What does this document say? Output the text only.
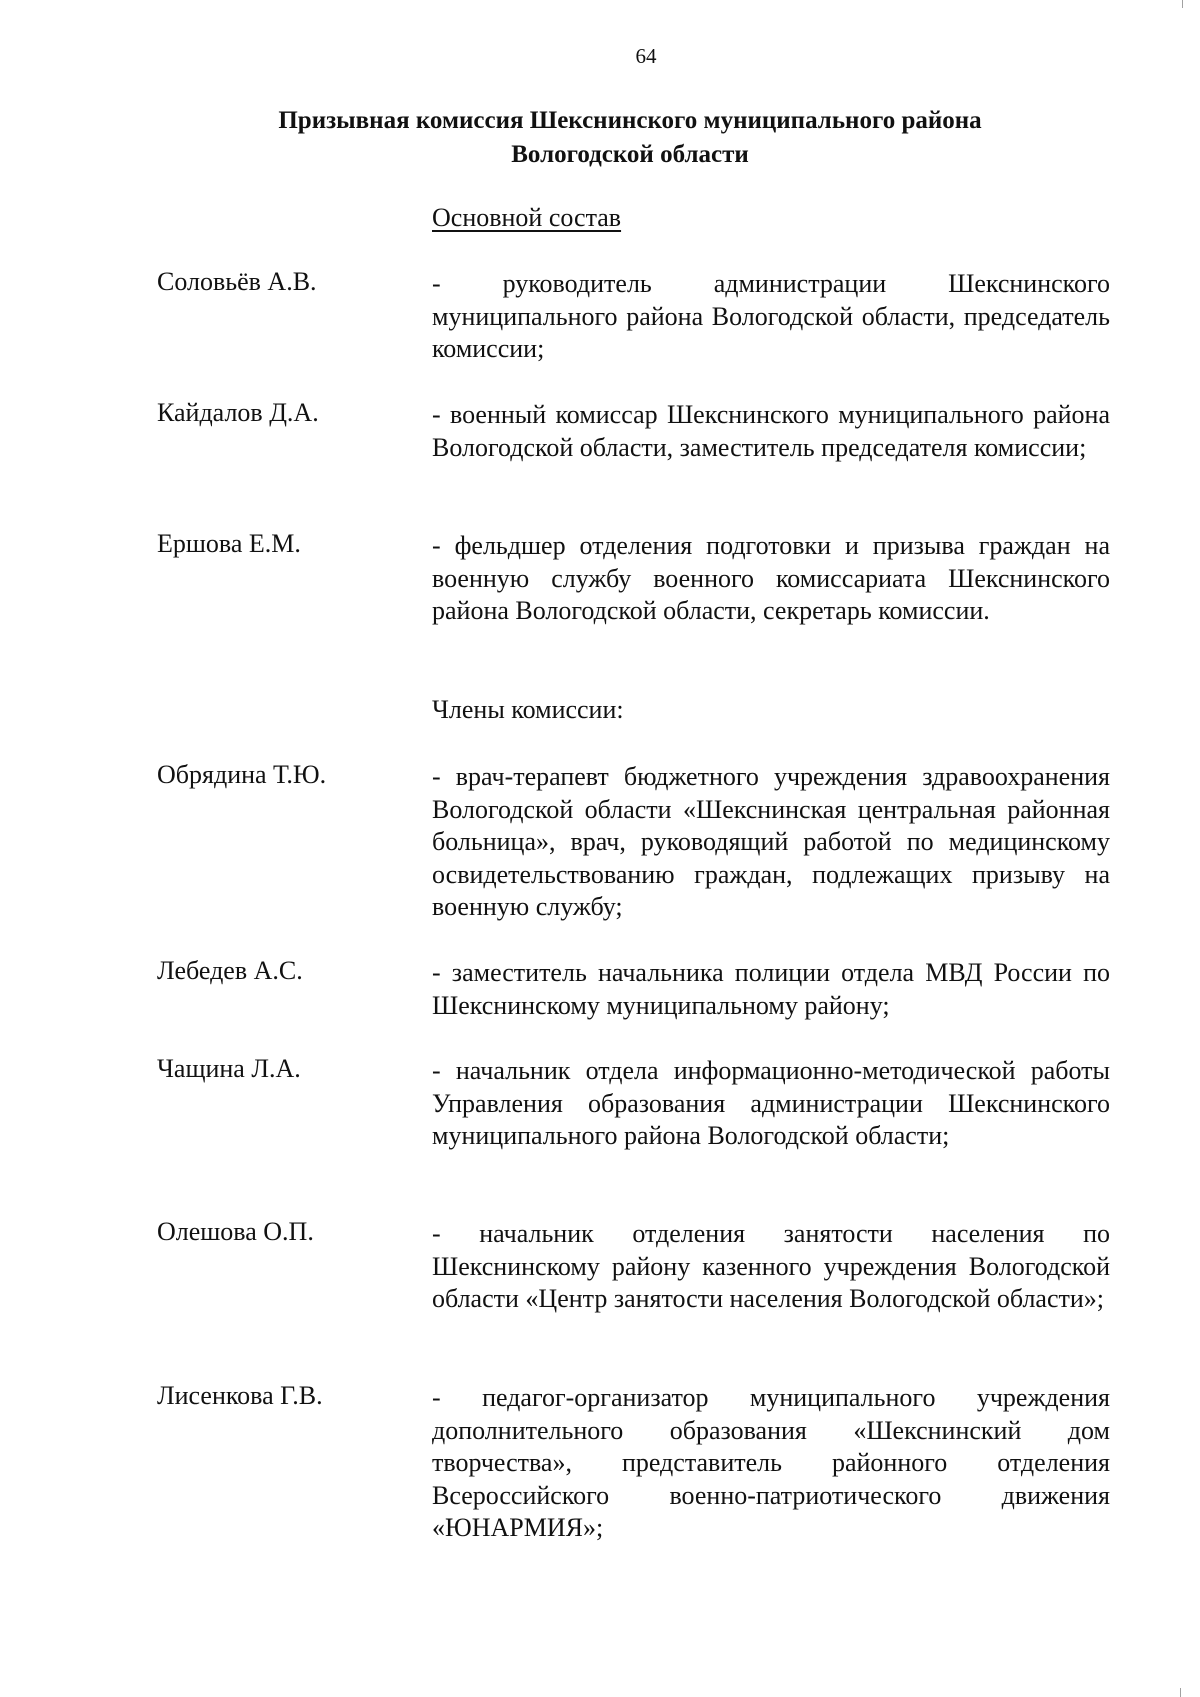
64
Призывная комиссия Шекснинского муниципального района
Вологодской области
Основной состав
Соловьёв А.В.	- руководитель администрации Шекснинского муниципального района Вологодской области, председатель комиссии;
Кайдалов Д.А.	- военный комиссар Шекснинского муниципального района Вологодской области, заместитель председателя комиссии;
Ершова Е.М.	- фельдшер отделения подготовки и призыва граждан на военную службу военного комиссариата Шекснинского района Вологодской области, секретарь комиссии.
Члены комиссии:
Обрядина Т.Ю.	- врач-терапевт бюджетного учреждения здравоохранения Вологодской области «Шекснинская центральная районная больница», врач, руководящий работой по медицинскому освидетельствованию граждан, подлежащих призыву на военную службу;
Лебедев А.С.	- заместитель начальника полиции отдела МВД России по Шекснинскому муниципальному району;
Чащина Л.А.	- начальник отдела информационно-методической работы Управления образования администрации Шекснинского муниципального района Вологодской области;
Олешова О.П.	- начальник отделения занятости населения по Шекснинскому району казенного учреждения Вологодской области «Центр занятости населения Вологодской области»;
Лисенкова Г.В.	- педагог-организатор муниципального учреждения дополнительного образования «Шекснинский дом творчества», представитель районного отделения Всероссийского военно-патриотического движения «ЮНАРМИЯ»;
